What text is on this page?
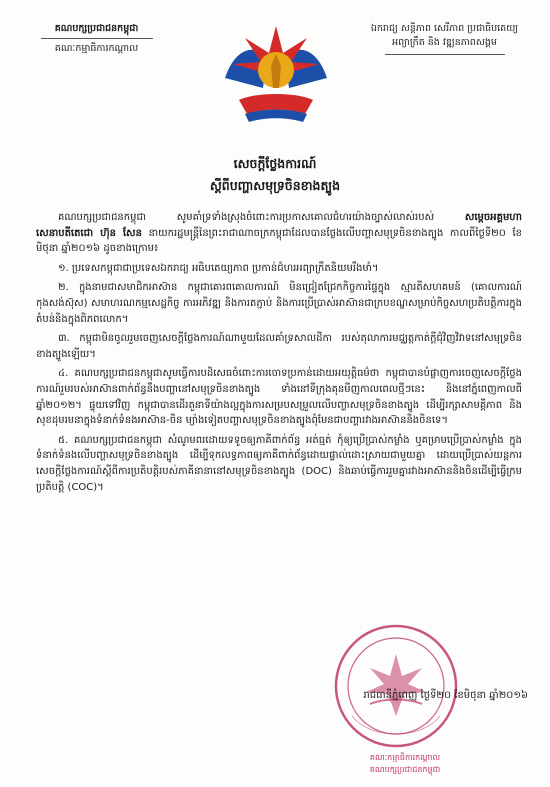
គណបក្សប្រជាជនកម្ពុជា
គណៈកម្មាធិការកណ្តាល
ឯករាជ្យ សន្តិភាព សេរីភាព ប្រជាធិបតេយ្យ
អព្យាក្រឹត និង វឌ្ឍនភាពសង្គម
សេចក្តីថ្លែងការណ៍
ស្តីពីបញ្ហាសមុទ្រចិនខាងត្បូង

គណបក្សប្រជាជនកម្ពុជា សូមគាំទ្រទាំងស្រុងចំពោះការប្រកាសគោលជំហរយ៉ាងច្បាស់លាស់របស់	សម្តេចអគ្គមហាសេនាបតីតេជោ ហ៊ុន សែន នាយករដ្ឋមន្ត្រីនៃព្រះរាជាណាចក្រកម្ពុជាដែលបានថ្លែងលើបញ្ហាសមុទ្រចិនខាងត្បូង កាលពីថ្ងៃទី២០ ខែមិថុនា ឆ្នាំ២០១៦ ដូចខាងក្រោម៖

១. ប្រទេសកម្ពុជាជាប្រទេសឯករាជ្យ អធិបតេយ្យភាព ប្រកាន់ជំហរអព្យាក្រឹតនិយមរឹងមាំ។

២. ក្នុងនាមជាសមាជិកអាស៊ាន កម្ពុជាគោរពគោលការណ៍ មិនជ្រៀតជ្រែកកិច្ចការផ្ទៃក្នុង ស្មារតីសហគមន៍ (គោលការណ៍កុងសង់ស៊ុស) សមាហរណកម្មសេដ្ឋកិច្ច ការអភិវឌ្ឍ និងការតភ្ជាប់ និងការប្រើប្រាស់អាស៊ានជាក្របខណ្ឌសម្រាប់កិច្ចសហប្រតិបត្តិការក្នុងតំបន់និងក្នុងពិភពលោក។

៣. កម្ពុជាមិនចូលរួមចេញសេចក្តីថ្លែងការណ៍ណាមួយដែលគាំទ្រសាលដីកា របស់តុលាការមជ្ឈត្តកាត់ក្តីជុំវិញវិវាទនៅសមុទ្រចិនខាងត្បូងឡើយ។

៤. គណបក្សប្រជាជនកម្ពុជាសូមធ្វើការបដិសេធចំពោះការចោទប្រកាន់ដោយអយុត្តិធម៌ថា កម្ពុជាបានបំផ្លាញការចេញសេចក្តីថ្លែងការណ៍រួមរបស់អាស៊ានពាក់ព័ន្ធនឹងបញ្ហានៅសមុទ្រចិនខាងត្បូង ទាំងនៅទីក្រុងគុនមីញកាលពេលថ្មីៗនេះ និងនៅភ្នំពេញកាលពីឆ្នាំ២០១២។ ផ្ទុយទៅវិញ កម្ពុជាបានដើរតួនាទីយ៉ាងល្អក្នុងការសម្របសម្រួលលើបញ្ហាសមុទ្រចិនខាងត្បូង ដើម្បីរក្សាសាមគ្គីភាព និងសុខដុមរមនាក្នុងទំនាក់ទំនងអាស៊ាន-ចិន ម្យ៉ាងទៀតបញ្ហាសមុទ្រចិនខាងត្បូងពុំមែនជាបញ្ហារវាងអាស៊ាននិងចិនទេ។

៥. គណបក្សប្រជាជនកម្ពុជា សំណូមពរដោយទទូចឲ្យភាគីពាក់ព័ន្ធ អត់ធ្មត់ កុំឲ្យប្រើប្រាស់កម្លាំង ឬគម្រាមប្រើប្រាស់កម្លាំង ក្នុងទំនាក់ទំនងលើបញ្ហាសមុទ្រចិនខាងត្បូង ដើម្បីទុកលទ្ធភាពឲ្យភាគីពាក់ព័ន្ធដោយផ្ទាល់ដោះស្រាយជាមួយគ្នា ដោយប្រើប្រាស់យន្តការសេចក្តីថ្លែងការណ៍ស្តីពីការប្រតិបត្តិរបស់ភាគីនានានៅសមុទ្រចិនខាងត្បូង (DOC) និងឆាប់ធ្វើការរួមគ្នារវាងអាស៊ាននិងចិនដើម្បីធ្វើក្រមប្រតិបត្តិ (COC)។

រាជធានីភ្នំពេញ ថ្ងៃទី២០ ខែមិថុនា ឆ្នាំ២០១៦
គណៈកម្មាធិការកណ្តាល
គណបក្សប្រជាជនកម្ពុជា
